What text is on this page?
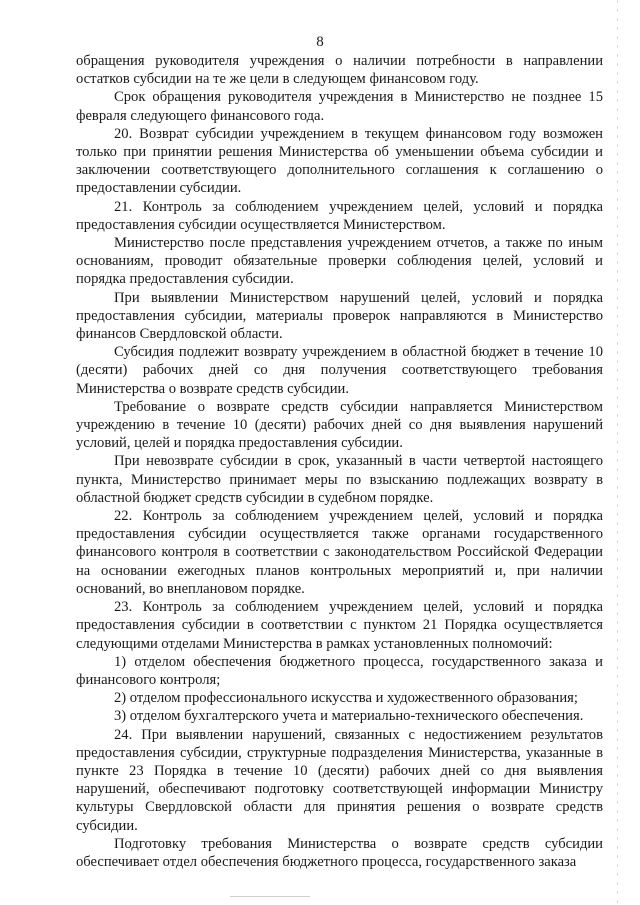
8

обращения руководителя учреждения о наличии потребности в направлении остатков субсидии на те же цели в следующем финансовом году.

Срок обращения руководителя учреждения в Министерство не позднее 15 февраля следующего финансового года.

20. Возврат субсидии учреждением в текущем финансовом году возможен только при принятии решения Министерства об уменьшении объема субсидии и заключении соответствующего дополнительного соглашения к соглашению о предоставлении субсидии.

21. Контроль за соблюдением учреждением целей, условий и порядка предоставления субсидии осуществляется Министерством.

Министерство после представления учреждением отчетов, а также по иным основаниям, проводит обязательные проверки соблюдения целей, условий и порядка предоставления субсидии.

При выявлении Министерством нарушений целей, условий и порядка предоставления субсидии, материалы проверок направляются в Министерство финансов Свердловской области.

Субсидия подлежит возврату учреждением в областной бюджет в течение 10 (десяти) рабочих дней со дня получения соответствующего требования Министерства о возврате средств субсидии.

Требование о возврате средств субсидии направляется Министерством учреждению в течение 10 (десяти) рабочих дней со дня выявления нарушений условий, целей и порядка предоставления субсидии.

При невозврате субсидии в срок, указанный в части четвертой настоящего пункта, Министерство принимает меры по взысканию подлежащих возврату в областной бюджет средств субсидии в судебном порядке.

22. Контроль за соблюдением учреждением целей, условий и порядка предоставления субсидии осуществляется также органами государственного финансового контроля в соответствии с законодательством Российской Федерации на основании ежегодных планов контрольных мероприятий и, при наличии оснований, во внеплановом порядке.

23. Контроль за соблюдением учреждением целей, условий и порядка предоставления субсидии в соответствии с пунктом 21 Порядка осуществляется следующими отделами Министерства в рамках установленных полномочий:

1) отделом обеспечения бюджетного процесса, государственного заказа и финансового контроля;

2) отделом профессионального искусства и художественного образования;

3) отделом бухгалтерского учета и материально-технического обеспечения.

24. При выявлении нарушений, связанных с недостижением результатов предоставления субсидии, структурные подразделения Министерства, указанные в пункте 23 Порядка в течение 10 (десяти) рабочих дней со дня выявления нарушений, обеспечивают подготовку соответствующей информации Министру культуры Свердловской области для принятия решения о возврате средств субсидии.

Подготовку требования Министерства о возврате средств субсидии обеспечивает отдел обеспечения бюджетного процесса, государственного заказа
